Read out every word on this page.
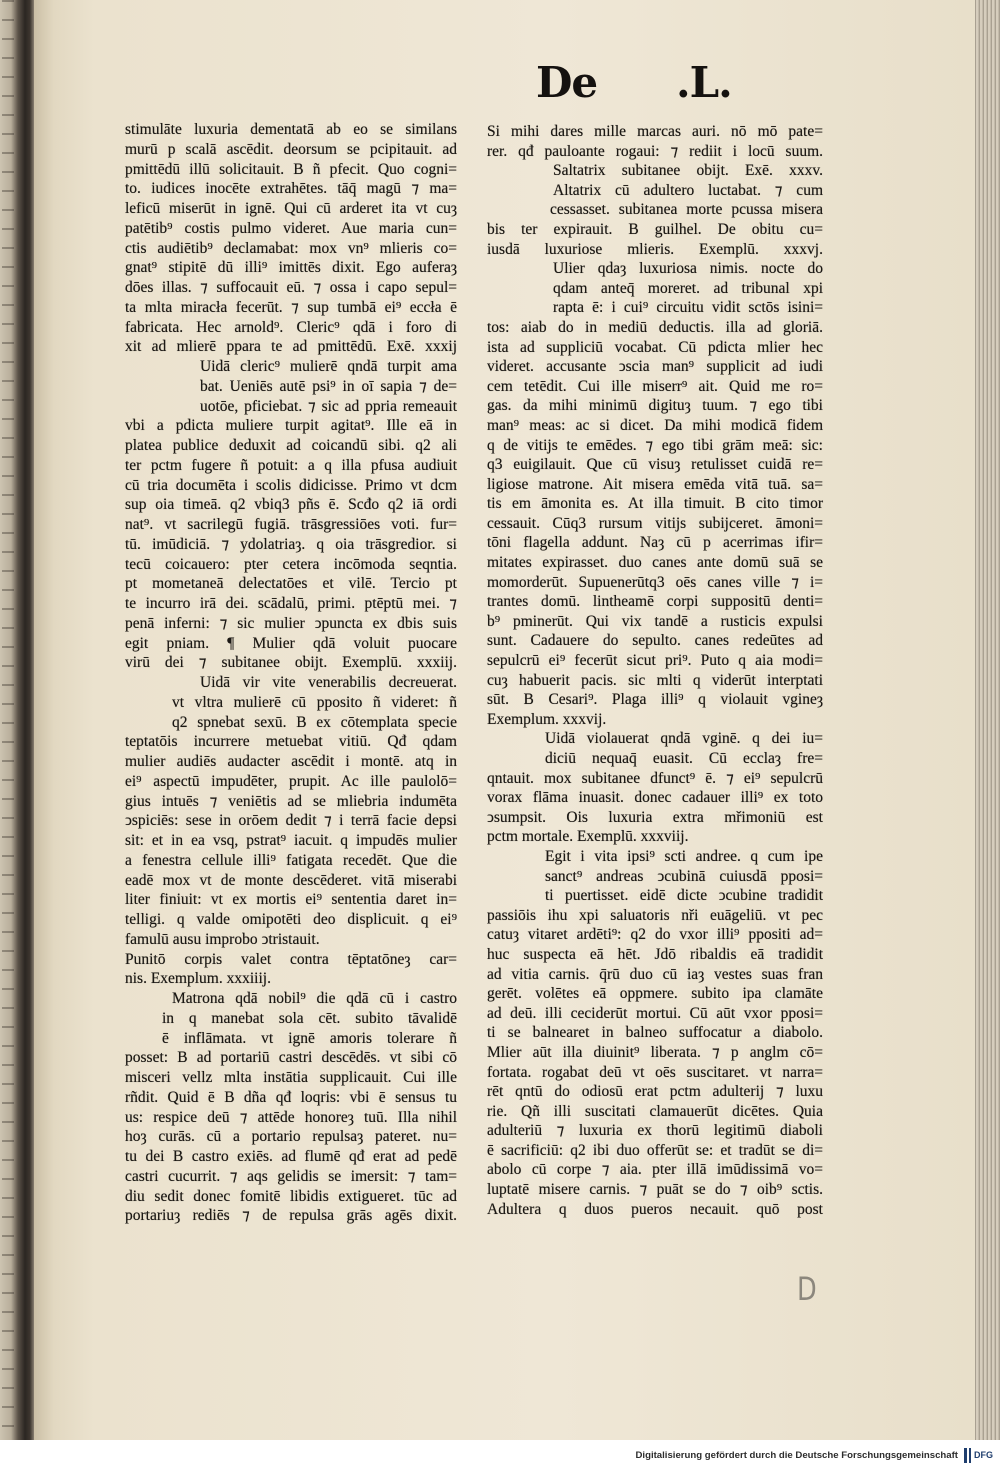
De .L.
stimulāte luxuria dementatā ab eo se similans
murū p scalā ascēdit. deorsum se pcipitauit. ad
pmittēdū illū solicitauit. B ñ pfecit. Quo cogni=
to. iudices inocēte extrahētes. tāq̄ magū ⁊ ma=
leficū miserūt in ignē. Qui cū arderet ita vt cuȝ
patētib⁹ costis pulmo videret. Aue maria cun=
ctis audiētib⁹ declamabat: mox vn⁹ mlieris co=
gnat⁹ stipitē dū illi⁹ imittēs dixit. Ego auferaȝ
dōes illas. ⁊ suffocauit eū. ⁊ ossa i capo sepul=
ta mlta miracła fecerūt. ⁊ sup tumbā ei⁹ eccła ē
fabricata. Hec arnold⁹. Cleric⁹ qdā i foro di
xit ad mlierē ppara te ad pmittēdū. Exē. xxxij
Uidā cleric⁹ mulierē qndā turpit ama
bat. Ueniēs autē psi⁹ in oī sapia ⁊ de=
uotōe, pficiebat. ⁊ sic ad ppria remeauit
vbi a pdicta muliere turpit agitat⁹. Ille eā in
platea publice deduxit ad coicandū sibi. q2 ali
ter pctm fugere ñ potuit: a q illa pfusa audiuit
cū tria documēta i scolis didicisse. Primo vt dcm
sup oia timeā. q2 vbiq3 pñs ē. Scđo q2 iā ordi
nat⁹. vt sacrilegū fugiā. trāsgressiōes voti. fur=
tū. imūdiciā. ⁊ ydolatriaȝ. q oia trāsgredior. si
tecū coicauero: pter cetera incōmoda seqntia.
pt mometaneā delectatōes et vilē. Tercio pt
te incurro irā dei. scādalū, primi. ptēptū mei. ⁊
penā inferni: ⁊ sic mulier ↄpuncta ex dbis suis
egit pniam. ¶ Mulier qdā voluit puocare
virū dei ⁊ subitanee obijt. Exemplū. xxxiij.
Uidā vir vite venerabilis decreuerat.
vt vltra mulierē cū pposito ñ videret: ñ
q2 spnebat sexū. B ex cōtemplata specie
teptatōis incurrere metuebat vitiū. Qđ qdam
mulier audiēs audacter ascēdit i montē. atq in
ei⁹ aspectū impudēter, prupit. Ac ille paulolō=
gius intuēs ⁊ veniētis ad se mliebria indumēta
ↄspiciēs: sese in orōem dedit ⁊ i terrā facie depsi
sit: et in ea vsq, pstrat⁹ iacuit. q impudēs mulier
a fenestra cellule illi⁹ fatigata recedēt. Que die
eadē mox vt de monte descēderet. vitā miserabi
liter finiuit: vt ex mortis ei⁹ sententia daret in=
telligi. q valde omipotēti deo displicuit. q ei⁹
famulū ausu improbo ↄtristauit.
Punitō corpis valet contra tēptatōneȝ car=
nis. Exemplum. xxxiiij.
Matrona qdā nobil⁹ die qdā cū i castro
in q manebat sola cēt. subito tāvalidē
ē inflāmata. vt ignē amoris tolerare ñ
posset: B ad portariū castri descēdēs. vt sibi cō
misceri vellz mlta instātia supplicauit. Cui ille
rñdit. Quid ē B dña qđ loqris: vbi ē sensus tu
us: respice deū ⁊ attēde honoreȝ tuū. Illa nihil
hoȝ curās. cū a portario repulsaȝ pateret. nu=
tu dei B castro exiēs. ad flumē qđ erat ad pedē
castri cucurrit. ⁊ aqs gelidis se imersit: ⁊ tam=
diu sedit donec fomitē libidis extigueret. tūc ad
portariuȝ rediēs ⁊ de repulsa grās agēs dixit.
Si mihi dares mille marcas auri. nō mō pate=
rer. qđ pauloante rogaui: ⁊ rediit i locū suum.
Saltatrix subitanee obijt. Exē. xxxv.
Altatrix cū adultero luctabat. ⁊ cum
cessasset. subitanea morte pcussa misera
bis ter expirauit. B guilhel. De obitu cu=
iusdā luxuriose mlieris. Exemplū. xxxvj.
Ulier qdaȝ luxuriosa nimis. nocte do
qdam anteq̄ moreret. ad tribunal xpi
rapta ē: i cui⁹ circuitu vidit sctōs isini=
tos: aiab do in mediū deductis. illa ad gloriā.
ista ad suppliciū vocabat. Cū pdicta mlier hec
videret. accusante ↄscia man⁹ supplicit ad iudi
cem tetēdit. Cui ille miserr⁹ ait. Quid me ro=
gas. da mihi minimū digituȝ tuum. ⁊ ego tibi
man⁹ meas: ac si dicet. Da mihi modicā fidem
q de vitijs te emēdes. ⁊ ego tibi grām meā: sic:
q3 euigilauit. Que cū visuȝ retulisset cuidā re=
ligiose matrone. Ait misera emēda vitā tuā. sa=
tis em āmonita es. At illa timuit. B cito timor
cessauit. Cūq3 rursum vitijs subijceret. āmoni=
tōni flagella addunt. Naȝ cū p acerrimas ifir=
mitates expirasset. duo canes ante domū suā se
momorderūt. Supuenerūtq3 oēs canes ville ⁊ i=
trantes domū. lintheamē corpi suppositū denti=
b⁹ pminerūt. Qui vix tandē a rusticis expulsi
sunt. Cadauere do sepulto. canes redeūtes ad
sepulcrū ei⁹ fecerūt sicut pri⁹. Puto q aia modi=
cuȝ habuerit pacis. sic mlti q viderūt interptati
sūt. B Cesari⁹. Plaga illi⁹ q violauit vgineȝ
Exemplum. xxxvij.
Uidā violauerat qndā vginē. q dei iu=
diciū nequaq̄ euasit. Cū ecclaȝ fre=
qntauit. mox subitanee dfunct⁹ ē. ⁊ ei⁹ sepulcrū
vorax flāma inuasit. donec cadauer illi⁹ ex toto
ↄsumpsit. Ois luxuria extra mřimoniū est
pctm mortale. Exemplū. xxxviij.
Egit i vita ipsi⁹ scti andree. q cum ipe
sanct⁹ andreas ↄcubinā cuiusdā pposi=
ti puertisset. eidē dicte ↄcubine tradidit
passiōis ihu xpi saluatoris nři euāgeliū. vt pec
catuȝ vitaret ardēti⁹: q2 do vxor illi⁹ ppositi ad=
huc suspecta eā hēt. Jdō ribaldis eā tradidit
ad vitia carnis. q̄rū duo cū iaȝ vestes suas fran
gerēt. volētes eā oppmere. subito ipa clamāte
ad deū. illi ceciderūt mortui. Cū aūt vxor pposi=
ti se balnearet in balneo suffocatur a diabolo.
Mlier aūt illa diuinit⁹ liberata. ⁊ p anglm cō=
fortata. rogabat deū vt oēs suscitaret. vt narra=
rēt qntū do odiosū erat pctm adulterij ⁊ luxu
rie. Qñ illi suscitati clamauerūt dicētes. Quia
adulteriū ⁊ luxuria ex thorū legitimū diaboli
ē sacrificiū: q2 ibi duo offerūt se: et tradūt se di=
abolo cū corpe ⁊ aia. pter illā imūdissimā vo=
luptatē misere carnis. ⁊ puāt se do ⁊ oib⁹ sctis.
Adultera q duos pueros necauit. quō post
D
Digitalisierung gefördert durch die Deutsche Forschungsgemeinschaft	DFG
